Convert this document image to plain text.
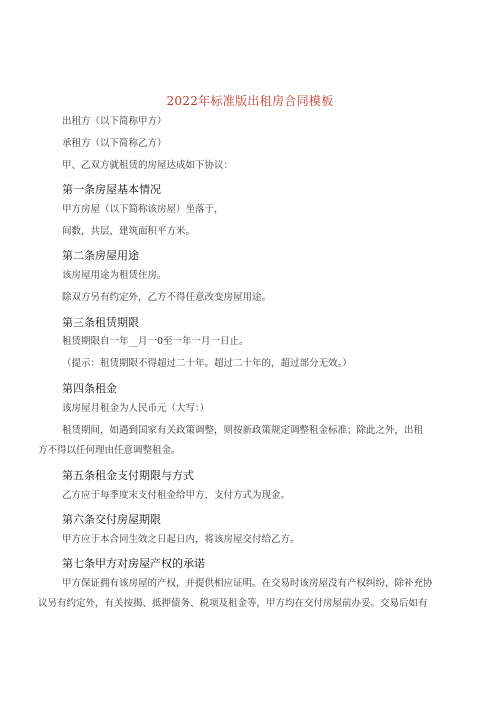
2022年标准版出租房合同模板
出租方（以下简称甲方）
承租方（以下简称乙方）
甲、乙双方就租赁的房屋达成如下协议：
第一条房屋基本情况
甲方房屋（以下简称该房屋）坐落于，
间数，共层，建筑面积平方米。
第二条房屋用途
该房屋用途为租赁住房。
除双方另有约定外，乙方不得任意改变房屋用途。
第三条租赁期限
租赁期限自一年__月一0至一年一月一日止。
（提示：租赁期限不得超过二十年。超过二十年的，超过部分无效。）
第四条租金
该房屋月租金为人民币元（大写：）
租赁期间，如遇到国家有关政策调整，则按新政策规定调整租金标准；除此之外，出租
方不得以任何理由任意调整租金。
第五条租金支付期限与方式
乙方应于每季度末支付租金给甲方，支付方式为现金。
第六条交付房屋期限
甲方应于本合同生效之日起日内，将该房屋交付给乙方。
第七条甲方对房屋产权的承诺
甲方保证拥有该房屋的产权，并提供相应证明。在交易时该房屋没有产权纠纷，除补充协
议另有约定外，有关按揭、抵押债务、税项及租金等，甲方均在交付房屋前办妥。交易后如有
